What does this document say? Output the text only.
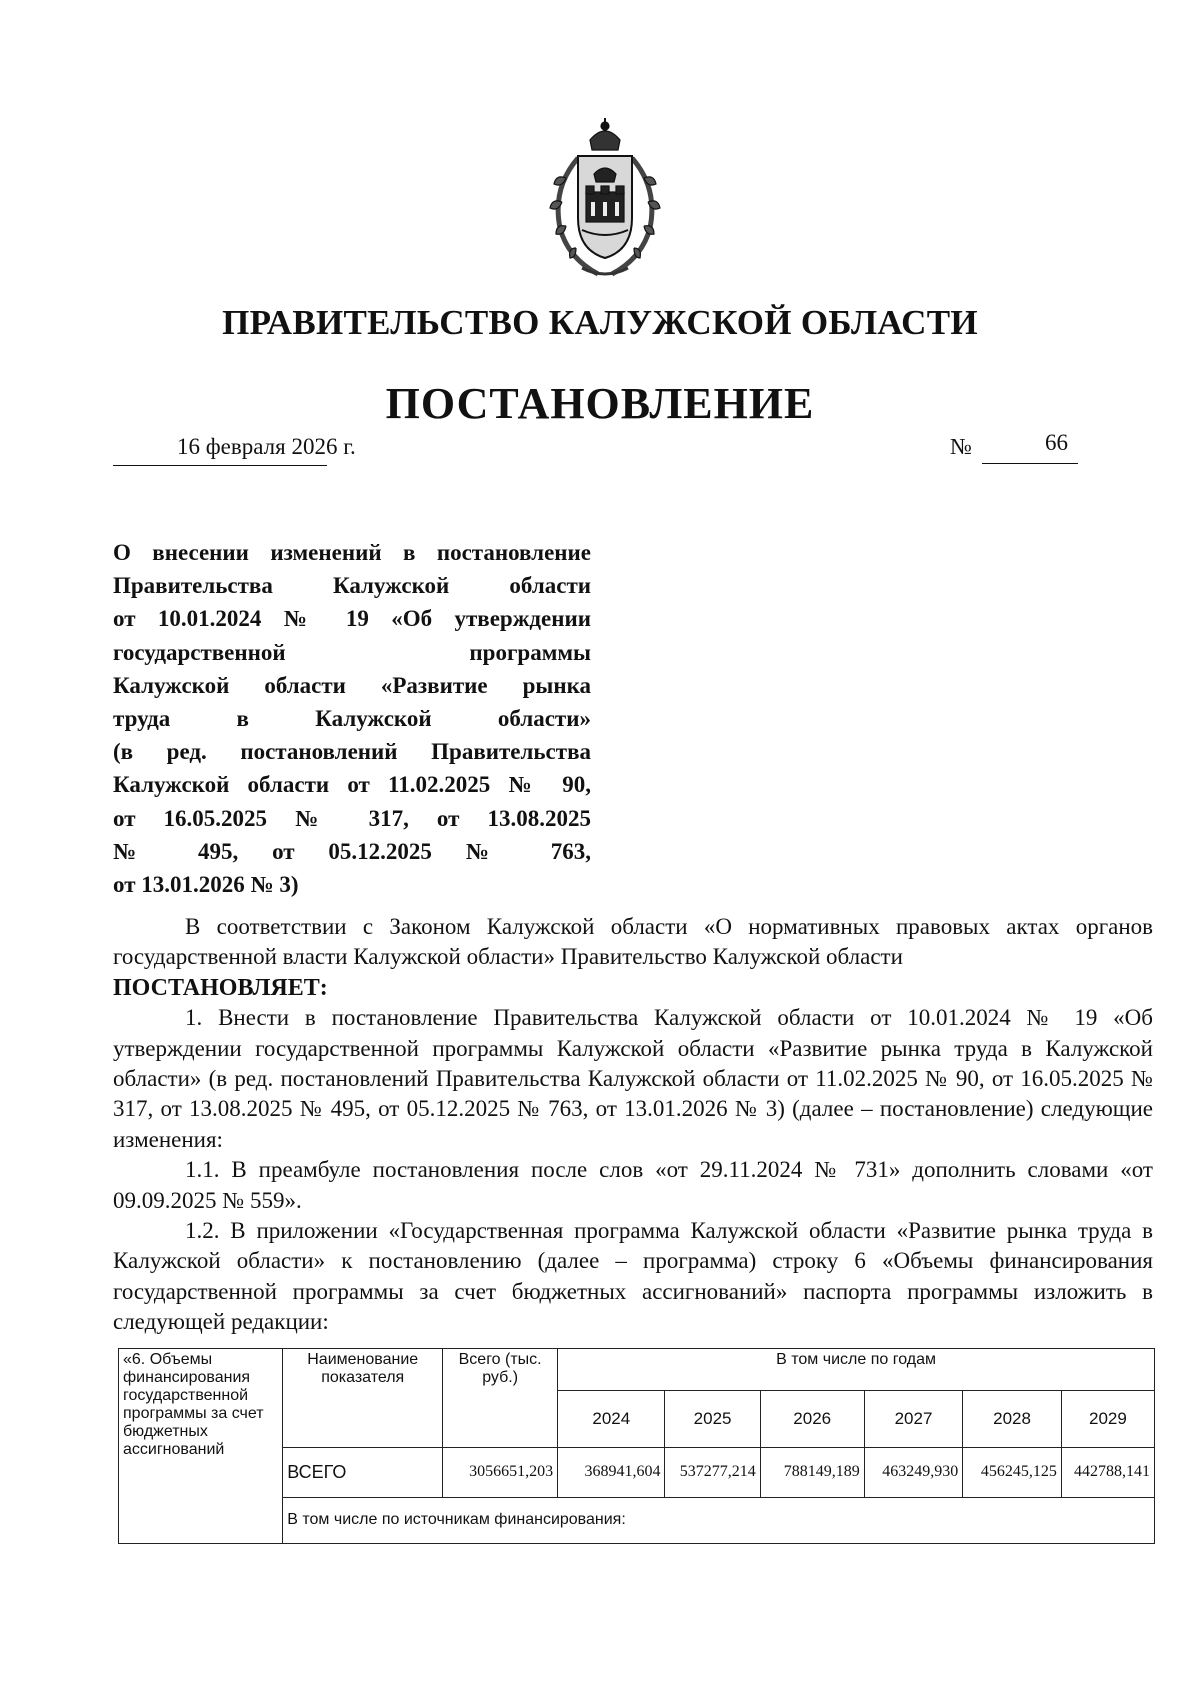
ПРАВИТЕЛЬСТВО КАЛУЖСКОЙ ОБЛАСТИ
ПОСТАНОВЛЕНИЕ
16 февраля 2026 г.	№	66
О внесении изменений в постановление
Правительства Калужской области
от 10.01.2024 № 19 «Об утверждении
государственной программы
Калужской области «Развитие рынка
труда в Калужской области»
(в ред. постановлений Правительства
Калужской области от 11.02.2025 № 90,
от 16.05.2025 № 317, от 13.08.2025
№ 495, от 05.12.2025 № 763,
от 13.01.2026 № 3)

В соответствии с Законом Калужской области «О нормативных правовых актах органов государственной власти Калужской области» Правительство Калужской области

ПОСТАНОВЛЯЕТ:

1. Внести в постановление Правительства Калужской области от 10.01.2024 № 19 «Об утверждении государственной программы Калужской области «Развитие рынка труда в Калужской области» (в ред. постановлений Правительства Калужской области от 11.02.2025 № 90, от 16.05.2025 № 317, от 13.08.2025 № 495, от 05.12.2025 № 763, от 13.01.2026 № 3) (далее – постановление) следующие изменения:

1.1. В преамбуле постановления после слов «от 29.11.2024 № 731» дополнить словами «от 09.09.2025 № 559».

1.2. В приложении «Государственная программа Калужской области «Развитие рынка труда в Калужской области» к постановлению (далее – программа) строку 6 «Объемы финансирования государственной программы за счет бюджетных ассигнований» паспорта программы изложить в следующей редакции:

«6. Объемы финансирования государственной программы за счет бюджетных ассигнований	Наименование показателя	Всего (тыс. руб.)	В том числе по годам					
			2024	2025	2026	2027	2028	2029
	ВСЕГО	3056651,203	368941,604	537277,214	788149,189	463249,930	456245,125	442788,141
	В том числе по источникам финансирования:							
